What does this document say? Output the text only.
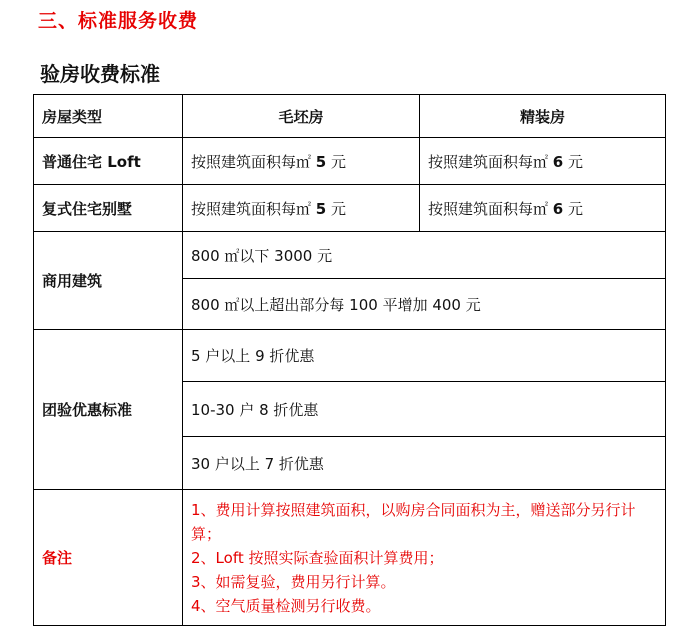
三、标准服务收费
验房收费标准
房屋类型	毛坯房	精装房
普通住宅 Loft	按照建筑面积每㎡ 5 元	按照建筑面积每㎡ 6 元
复式住宅别墅	按照建筑面积每㎡ 5 元	按照建筑面积每㎡ 6 元
商用建筑	800 ㎡以下 3000 元	
	800 ㎡以上超出部分每 100 平增加 400 元	
团验优惠标准	5 户以上 9 折优惠	
	10-30 户 8 折优惠	
	30 户以上 7 折优惠	
备注	1、费用计算按照建筑面积，以购房合同面积为主，赠送部分另行计算；
2、Loft 按照实际查验面积计算费用；
3、如需复验，费用另行计算。
4、空气质量检测另行收费。	
